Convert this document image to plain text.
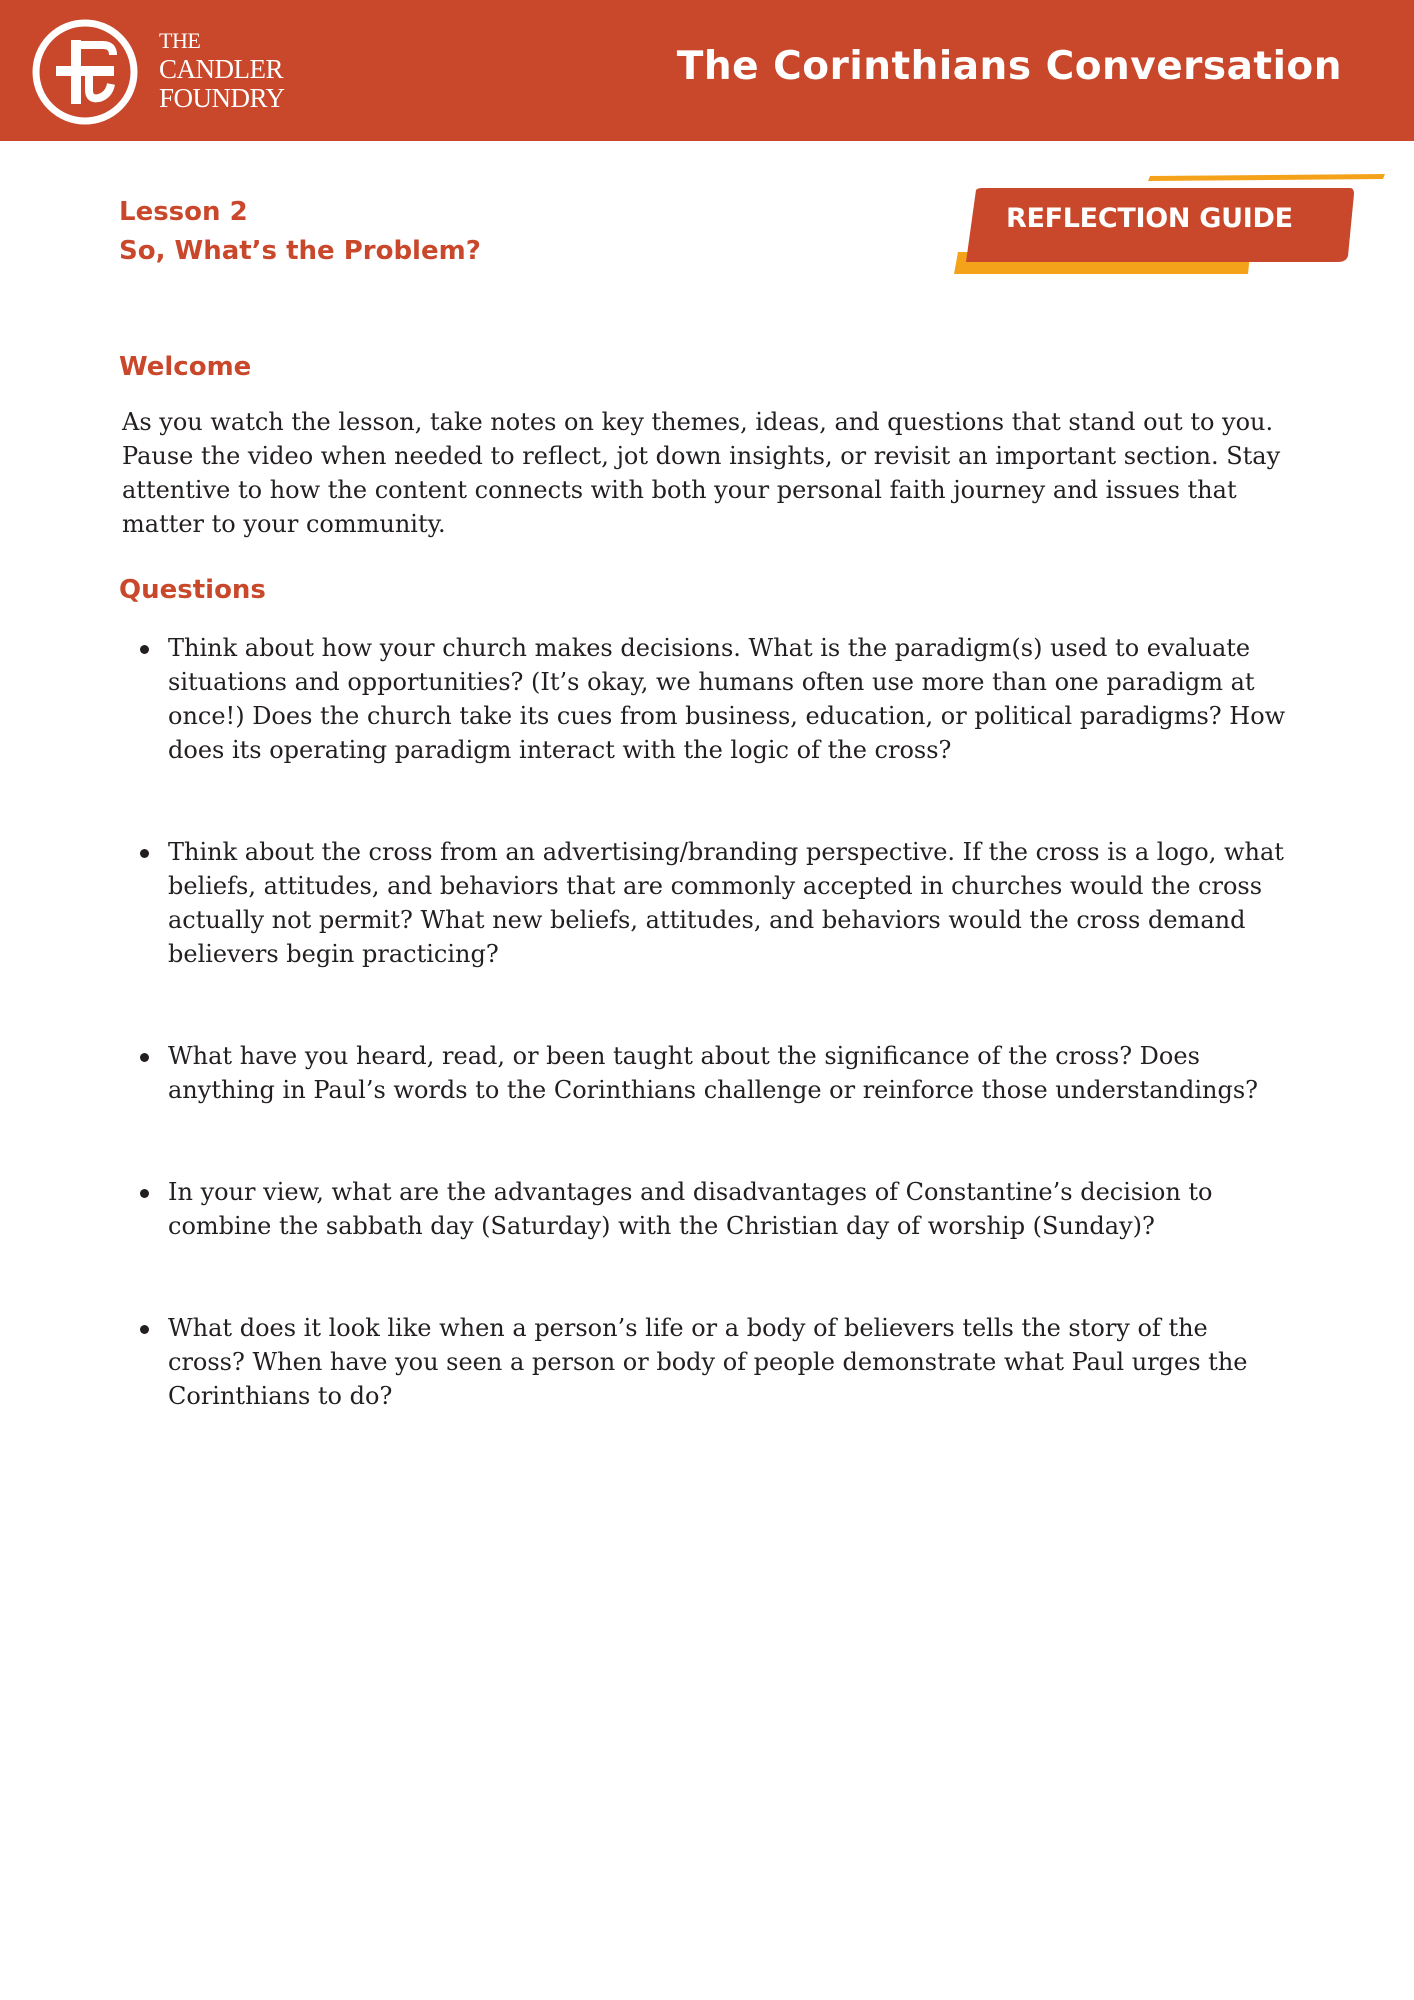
THE
CANDLER
FOUNDRY
The Corinthians Conversation
Lesson 2
So, What’s the Problem?
REFLECTION GUIDE
Welcome
As you watch the lesson, take notes on key themes, ideas, and questions that stand out to you. Pause the video when needed to reflect, jot down insights, or revisit an important section. Stay attentive to how the content connects with both your personal faith journey and issues that matter to your community.
Questions
Think about how your church makes decisions. What is the paradigm(s) used to evaluate situations and opportunities? (It’s okay, we humans often use more than one paradigm at once!) Does the church take its cues from business, education, or political paradigms? How does its operating paradigm interact with the logic of the cross?
Think about the cross from an advertising/branding perspective. If the cross is a logo, what beliefs, attitudes, and behaviors that are commonly accepted in churches would the cross actually not permit? What new beliefs, attitudes, and behaviors would the cross demand believers begin practicing?
What have you heard, read, or been taught about the significance of the cross? Does anything in Paul’s words to the Corinthians challenge or reinforce those understandings?
In your view, what are the advantages and disadvantages of Constantine’s decision to combine the sabbath day (Saturday) with the Christian day of worship (Sunday)?
What does it look like when a person’s life or a body of believers tells the story of the cross? When have you seen a person or body of people demonstrate what Paul urges the Corinthians to do?
